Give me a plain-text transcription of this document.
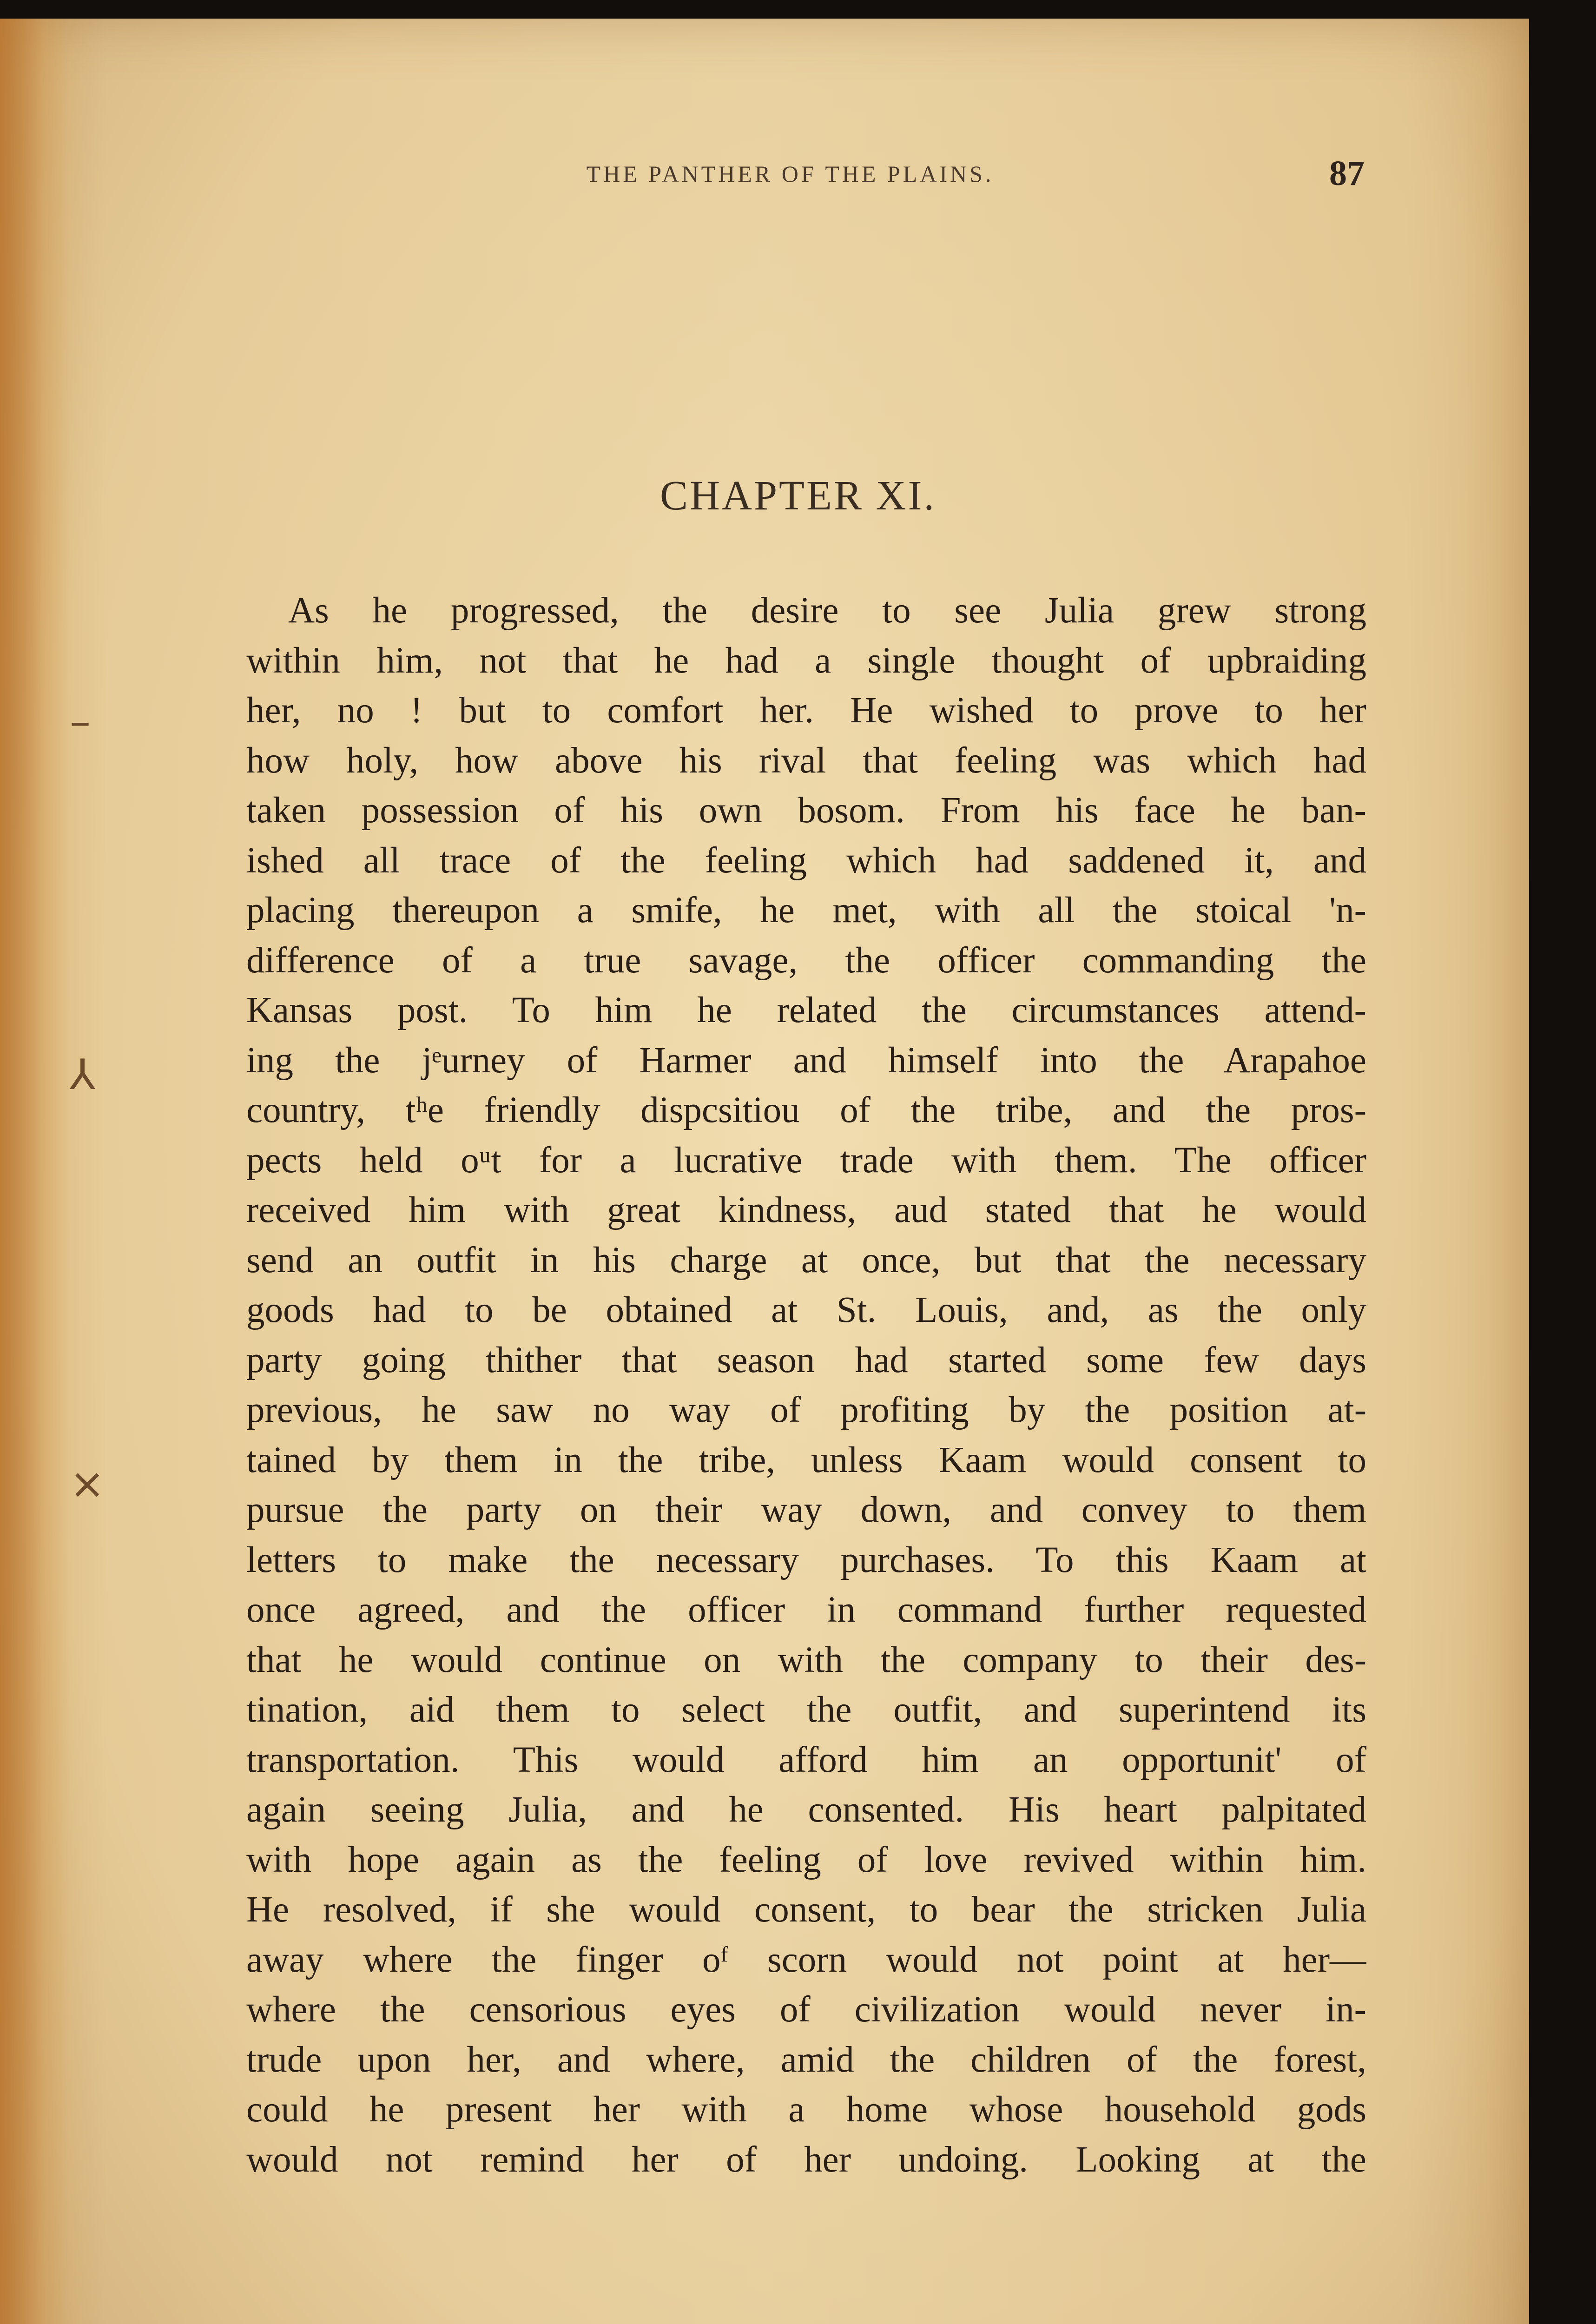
THE PANTHER OF THE PLAINS.	87
CHAPTER XI.
As he progressed, the desire to see Julia grew strong
within him, not that he had a single thought of upbraiding
her, no ! but to comfort her. He wished to prove to her
how holy, how above his rival that feeling was which had
taken possession of his own bosom. From his face he ban-
ished all trace of the feeling which had saddened it, and
placing thereupon a smife, he met, with all the stoical 'n-
difference of a true savage, the officer commanding the
Kansas post. To him he related the circumstances attend-
ing the jᵉurney of Harmer and himself into the Arapahoe
country, tʰe friendly dispcsitiou of the tribe, and the pros-
pects held oᵘt for a lucrative trade with them. The officer
received him with great kindness, aud stated that he would
send an outfit in his charge at once, but that the necessary
goods had to be obtained at St. Louis, and, as the only
party going thither that season had started some few days
previous, he saw no way of profiting by the position at-
tained by them in the tribe, unless Kaam would consent to
pursue the party on their way down, and convey to them
letters to make the necessary purchases. To this Kaam at
once agreed, and the officer in command further requested
that he would continue on with the company to their des-
tination, aid them to select the outfit, and superintend its
transportation. This would afford him an opportunit' of
again seeing Julia, and he consented. His heart palpitated
with hope again as the feeling of love revived within him.
He resolved, if she would consent, to bear the stricken Julia
away where the finger oᶠ scorn would not point at her—
where the censorious eyes of civilization would never in-
trude upon her, and where, amid the children of the forest,
could he present her with a home whose household gods
would not remind her of her undoing. Looking at the
⅄
×
–
